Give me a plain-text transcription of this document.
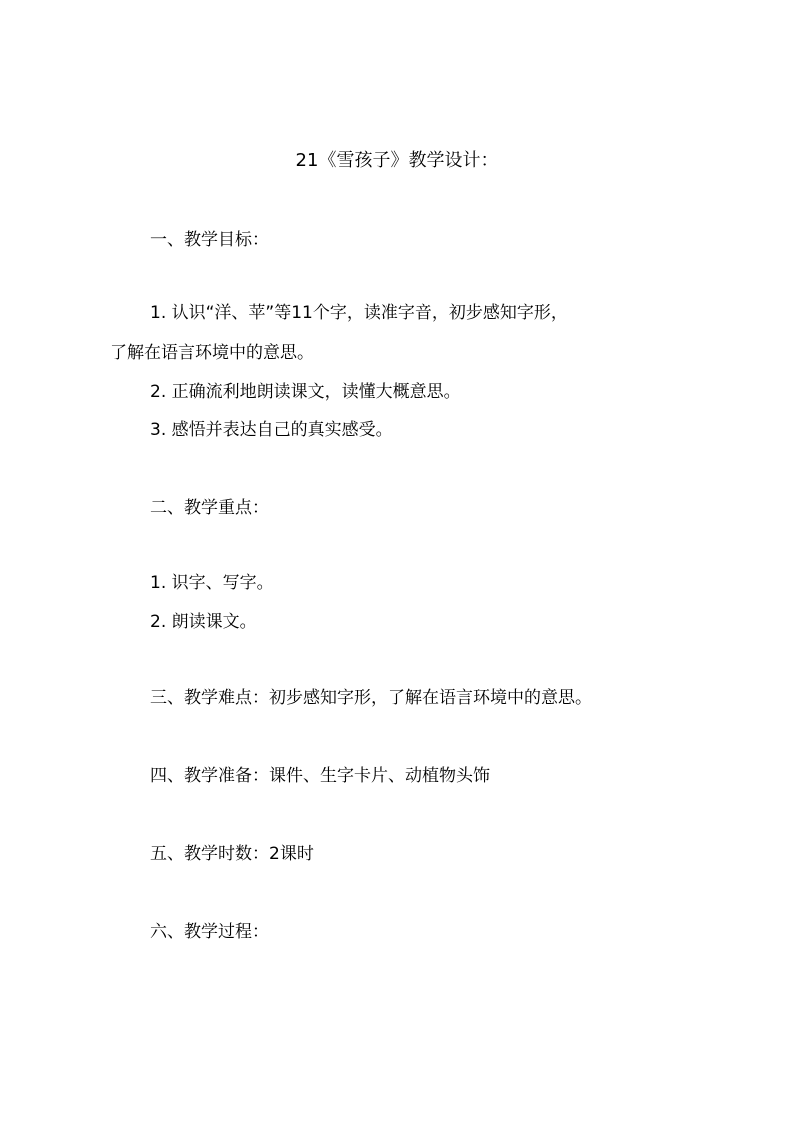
21《雪孩子》教学设计：
一、教学目标：
1. 认识“洋、苹”等11个字，读准字音，初步感知字形，
了解在语言环境中的意思。
2. 正确流利地朗读课文，读懂大概意思。
3. 感悟并表达自己的真实感受。
二、教学重点：
1. 识字、写字。
2. 朗读课文。
三、教学难点：初步感知字形，了解在语言环境中的意思。
四、教学准备：课件、生字卡片、动植物头饰
五、教学时数：2课时
六、教学过程：
